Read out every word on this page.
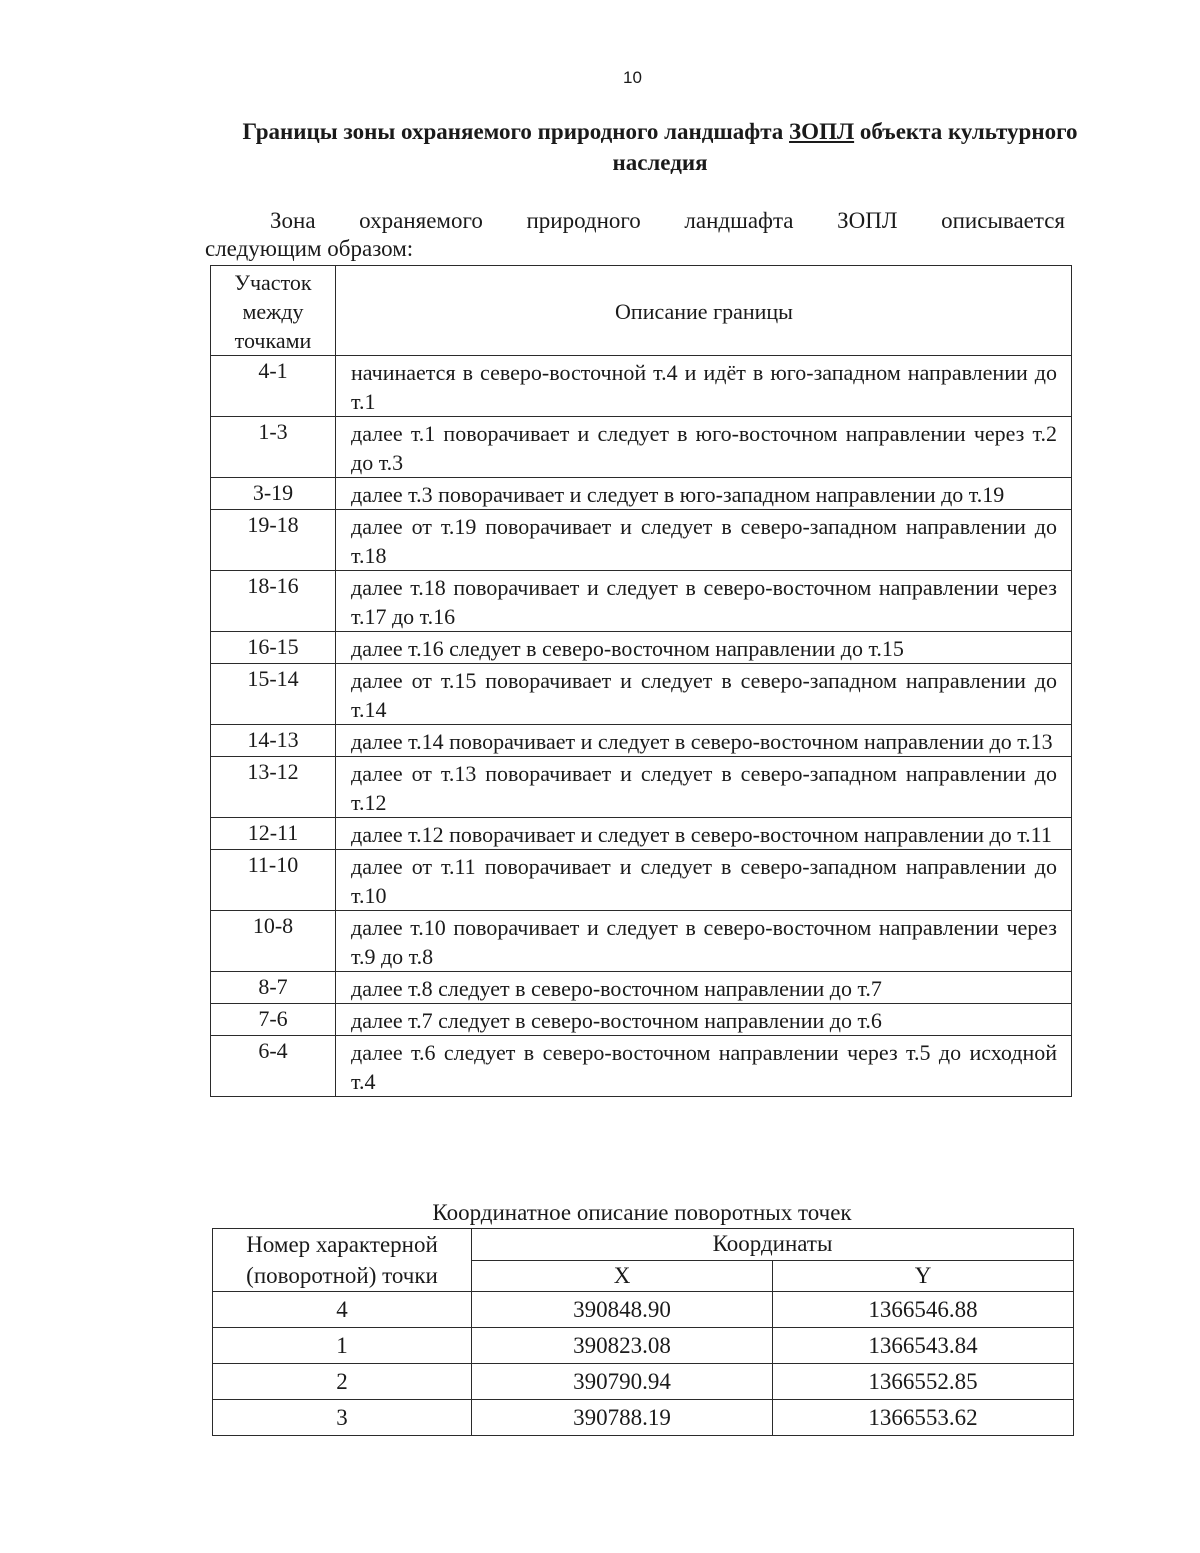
10
Границы зоны охраняемого природного ландшафта ЗОПЛ объекта культурного наследия
Зона охраняемого природного ландшафта ЗОПЛ описывается
следующим образом:
Участок
между
точками	Описание границы
4-1	начинается в северо-восточной т.4 и идёт в юго-западном направлении до т.1
1-3	далее т.1 поворачивает и следует в юго-восточном направлении через т.2 до т.3
3-19	далее т.3 поворачивает и следует в юго-западном направлении до т.19
19-18	далее от т.19 поворачивает и следует в северо-западном направлении до т.18
18-16	далее т.18 поворачивает и следует в северо-восточном направлении через т.17 до т.16
16-15	далее т.16 следует в северо-восточном направлении до т.15
15-14	далее от т.15 поворачивает и следует в северо-западном направлении до т.14
14-13	далее т.14 поворачивает и следует в северо-восточном направлении до т.13
13-12	далее от т.13 поворачивает и следует в северо-западном направлении до т.12
12-11	далее т.12 поворачивает и следует в северо-восточном направлении до т.11
11-10	далее от т.11 поворачивает и следует в северо-западном направлении до т.10
10-8	далее т.10 поворачивает и следует в северо-восточном направлении через т.9 до т.8
8-7	далее т.8 следует в северо-восточном направлении до т.7
7-6	далее т.7 следует в северо-восточном направлении до т.6
6-4	далее т.6 следует в северо-восточном направлении через т.5 до исходной т.4
Координатное описание поворотных точек
Номер характерной
(поворотной) точки	Координаты	
	X	Y
4	390848.90	1366546.88
1	390823.08	1366543.84
2	390790.94	1366552.85
3	390788.19	1366553.62
